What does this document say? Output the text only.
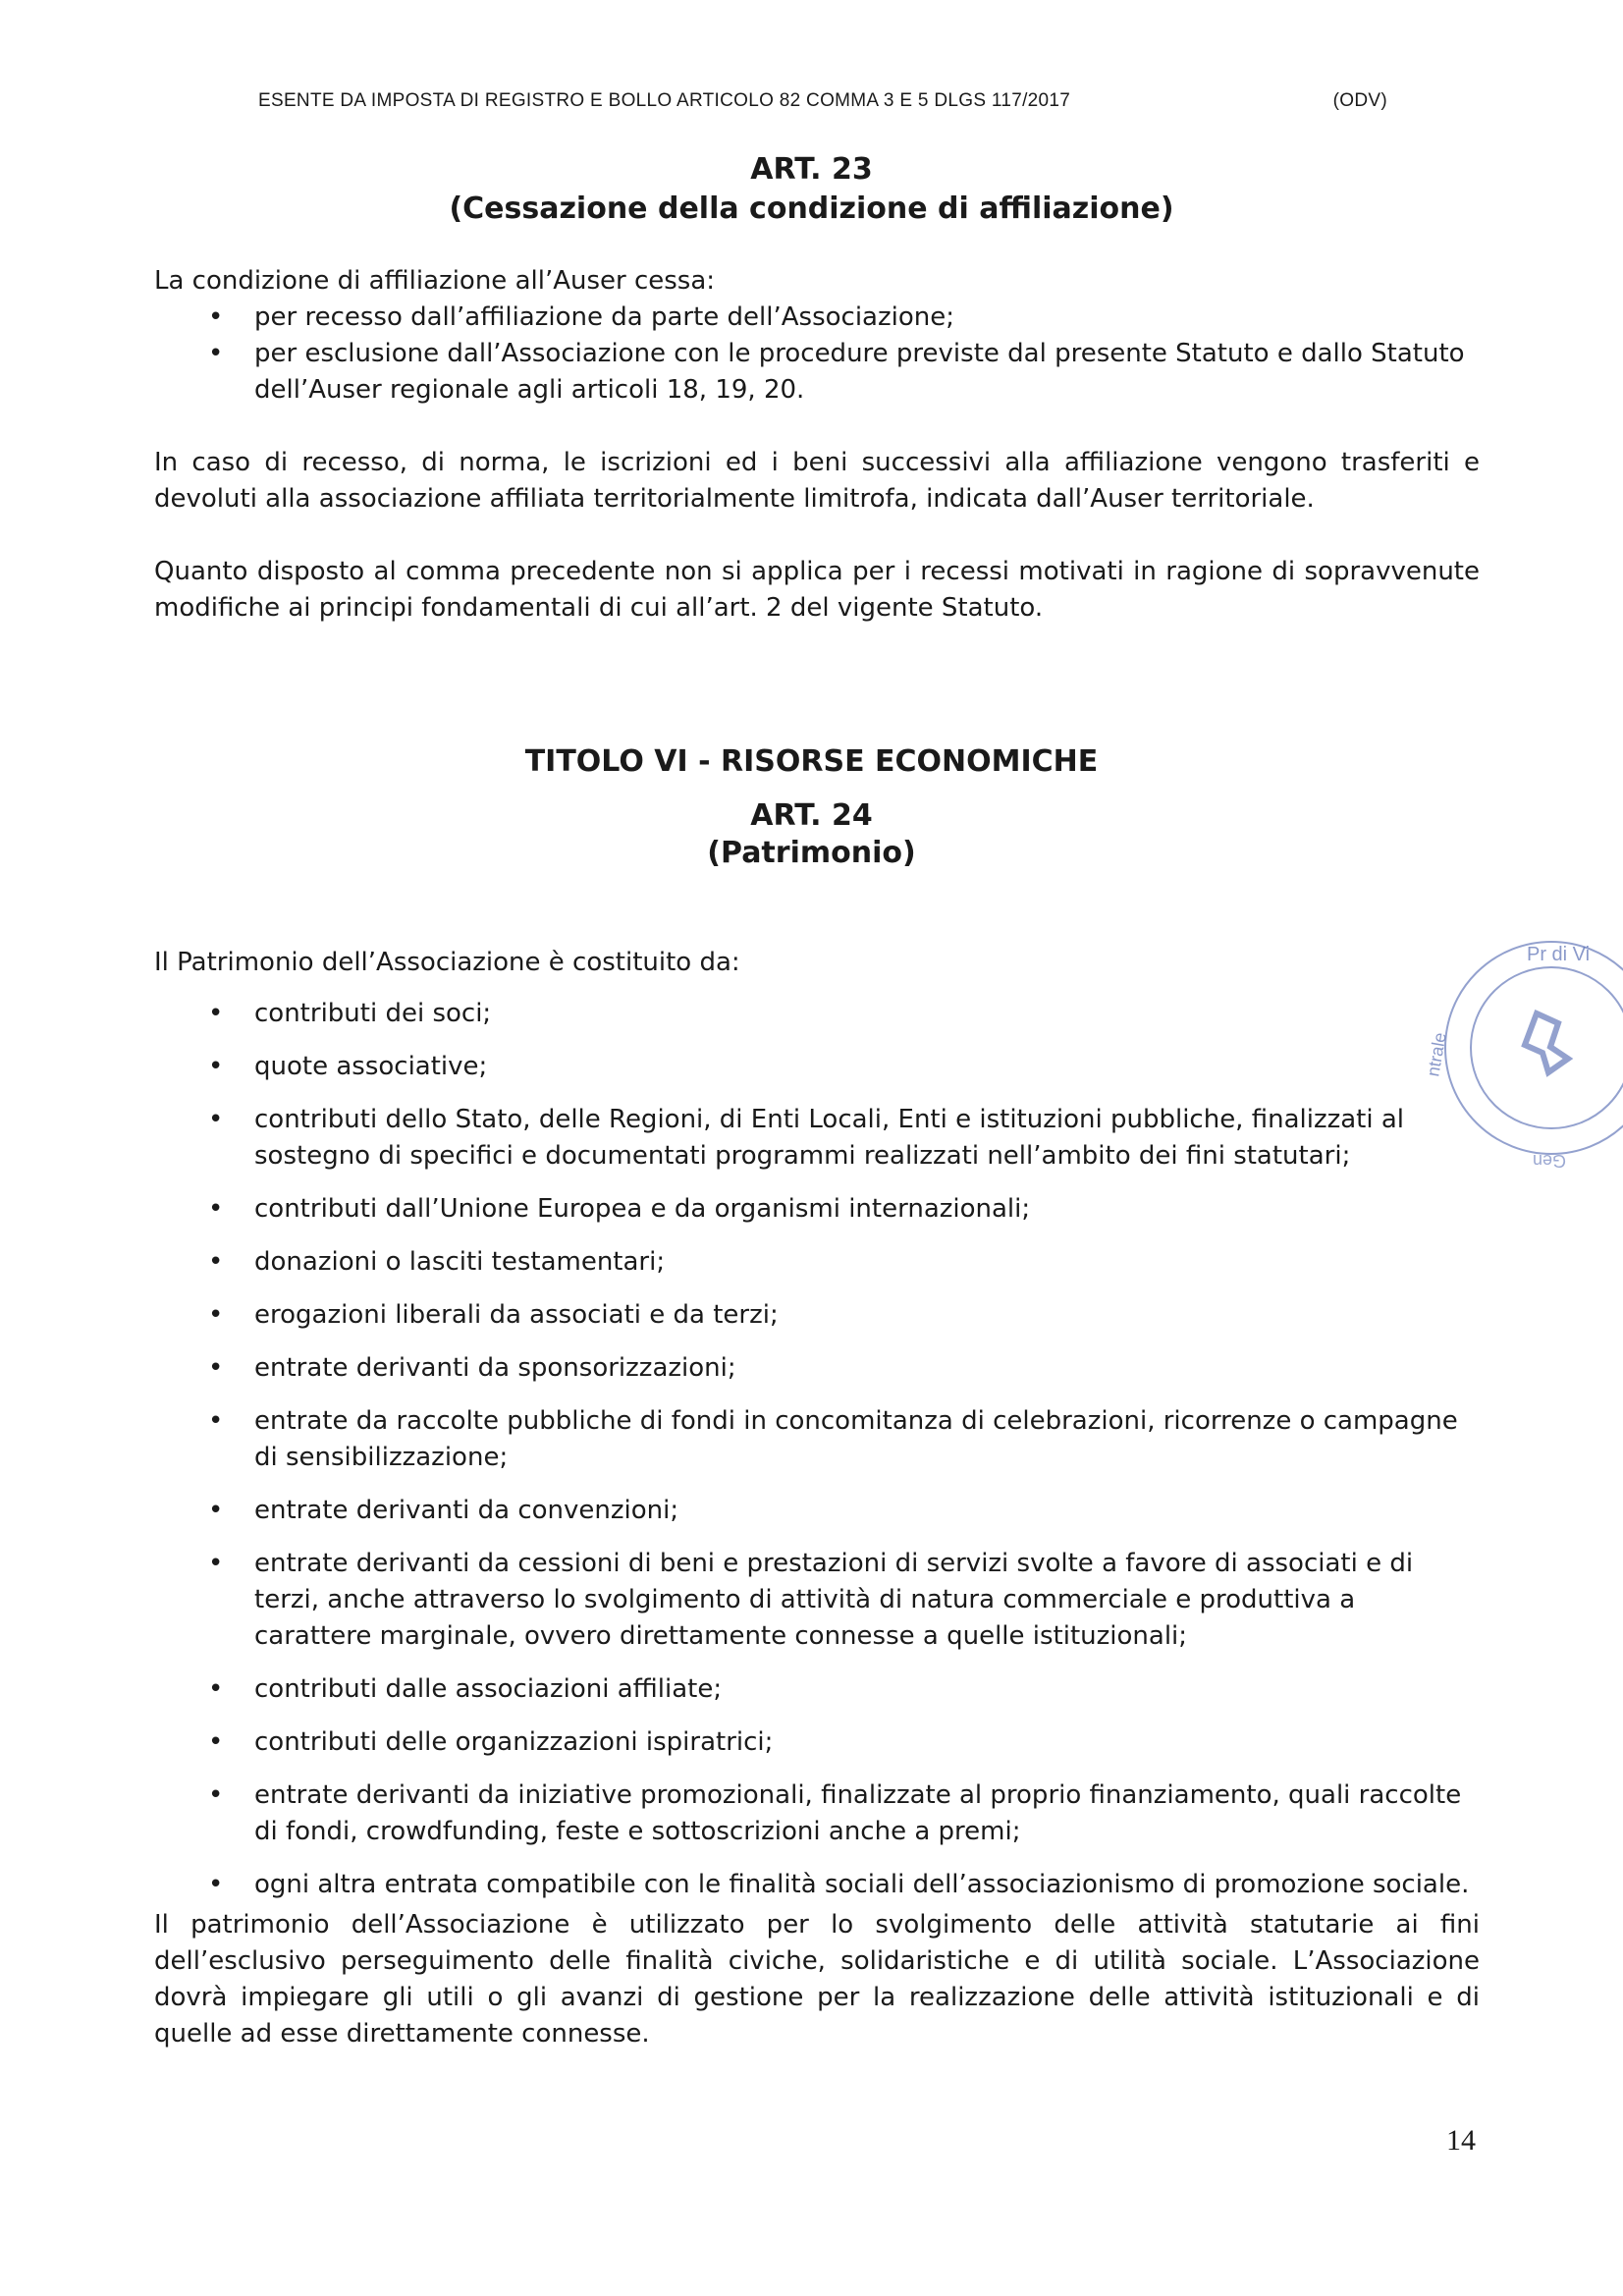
ESENTE DA IMPOSTA DI REGISTRO E BOLLO ARTICOLO 82 COMMA 3 E 5 DLGS 117/2017	(ODV)
ART. 23
(Cessazione della condizione di affiliazione)

La condizione di affiliazione all’Auser cessa:

• per recesso dall’affiliazione da parte dell’Associazione;
• per esclusione dall’Associazione con le procedure previste dal presente Statuto e dallo Statuto dell’Auser regionale agli articoli 18, 19, 20.

In caso di recesso, di norma, le iscrizioni ed i beni successivi alla affiliazione vengono trasferiti e devoluti alla associazione affiliata territorialmente limitrofa, indicata dall’Auser territoriale.

Quanto disposto al comma precedente non si applica per i recessi motivati in ragione di sopravvenute modifiche ai principi fondamentali di cui all’art. 2 del vigente Statuto.

TITOLO VI - RISORSE ECONOMICHE
ART. 24
(Patrimonio)

Il Patrimonio dell’Associazione è costituito da:

• contributi dei soci;
• quote associative;
• contributi dello Stato, delle Regioni, di Enti Locali, Enti e istituzioni pubbliche, finalizzati al sostegno di specifici e documentati programmi realizzati nell’ambito dei fini statutari;
• contributi dall’Unione Europea e da organismi internazionali;
• donazioni o lasciti testamentari;
• erogazioni liberali da associati e da terzi;
• entrate derivanti da sponsorizzazioni;
• entrate da raccolte pubbliche di fondi in concomitanza di celebrazioni, ricorrenze o campagne di sensibilizzazione;
• entrate derivanti da convenzioni;
• entrate derivanti da cessioni di beni e prestazioni di servizi svolte a favore di associati e di terzi, anche attraverso lo svolgimento di attività di natura commerciale e produttiva a carattere marginale, ovvero direttamente connesse a quelle istituzionali;
• contributi dalle associazioni affiliate;
• contributi delle organizzazioni ispiratrici;
• entrate derivanti da iniziative promozionali, finalizzate al proprio finanziamento, quali raccolte di fondi, crowdfunding, feste e sottoscrizioni anche a premi;
• ogni altra entrata compatibile con le finalità sociali dell’associazionismo di promozione sociale.

Il patrimonio dell’Associazione è utilizzato per lo svolgimento delle attività statutarie ai fini dell’esclusivo perseguimento delle finalità civiche, solidaristiche e di utilità sociale. L’Associazione dovrà impiegare gli utili o gli avanzi di gestione per la realizzazione delle attività istituzionali e di quelle ad esse direttamente connesse.

Pr di Vi
ntrale
Gen
14
